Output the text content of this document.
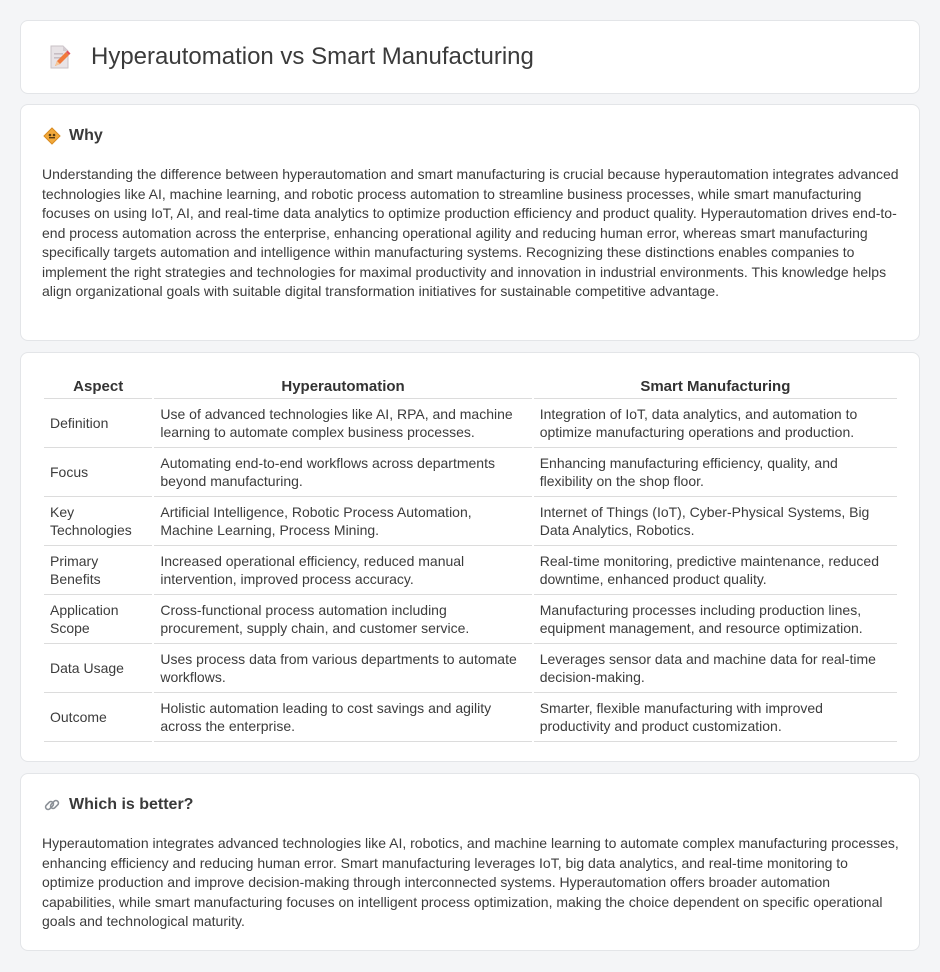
Hyperautomation vs Smart Manufacturing
Why

Understanding the difference between hyperautomation and smart manufacturing is crucial because hyperautomation integrates advanced technologies like AI, machine learning, and robotic process automation to streamline business processes, while smart manufacturing focuses on using IoT, AI, and real-time data analytics to optimize production efficiency and product quality. Hyperautomation drives end-to-end process automation across the enterprise, enhancing operational agility and reducing human error, whereas smart manufacturing specifically targets automation and intelligence within manufacturing systems. Recognizing these distinctions enables companies to implement the right strategies and technologies for maximal productivity and innovation in industrial environments. This knowledge helps align organizational goals with suitable digital transformation initiatives for sustainable competitive advantage.

Aspect	Hyperautomation	Smart Manufacturing
Definition	Use of advanced technologies like AI, RPA, and machine learning to automate complex business processes.	Integration of IoT, data analytics, and automation to optimize manufacturing operations and production.
Focus	Automating end-to-end workflows across departments beyond manufacturing.	Enhancing manufacturing efficiency, quality, and flexibility on the shop floor.
Key Technologies	Artificial Intelligence, Robotic Process Automation, Machine Learning, Process Mining.	Internet of Things (IoT), Cyber-Physical Systems, Big Data Analytics, Robotics.
Primary Benefits	Increased operational efficiency, reduced manual intervention, improved process accuracy.	Real-time monitoring, predictive maintenance, reduced downtime, enhanced product quality.
Application Scope	Cross-functional process automation including procurement, supply chain, and customer service.	Manufacturing processes including production lines, equipment management, and resource optimization.
Data Usage	Uses process data from various departments to automate workflows.	Leverages sensor data and machine data for real-time decision-making.
Outcome	Holistic automation leading to cost savings and agility across the enterprise.	Smarter, flexible manufacturing with improved productivity and product customization.
Which is better?

Hyperautomation integrates advanced technologies like AI, robotics, and machine learning to automate complex manufacturing processes, enhancing efficiency and reducing human error. Smart manufacturing leverages IoT, big data analytics, and real-time monitoring to optimize production and improve decision-making through interconnected systems. Hyperautomation offers broader automation capabilities, while smart manufacturing focuses on intelligent process optimization, making the choice dependent on specific operational goals and technological maturity.
